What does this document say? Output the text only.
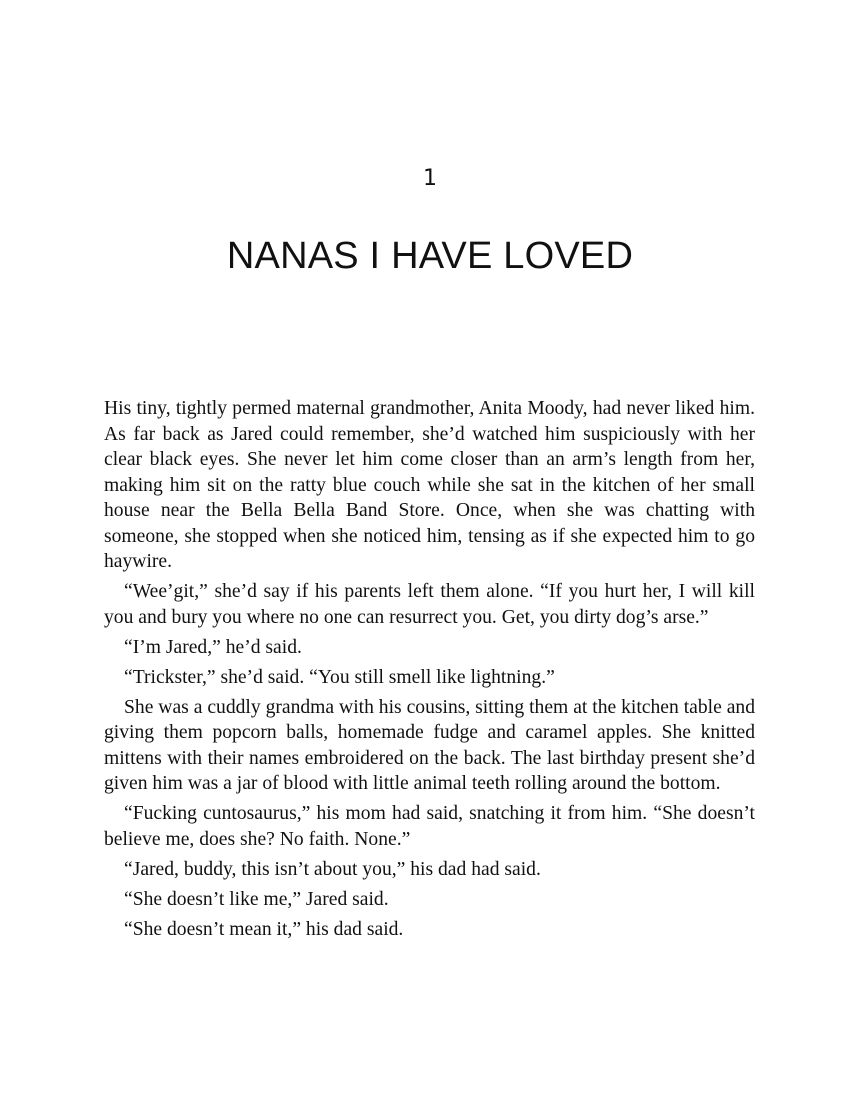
1
NANAS I HAVE LOVED

His tiny, tightly permed maternal grandmother, Anita Moody, had never liked him. As far back as Jared could remember, she’d watched him suspiciously with her clear black eyes. She never let him come closer than an arm’s length from her, making him sit on the ratty blue couch while she sat in the kitchen of her small house near the Bella Bella Band Store. Once, when she was chatting with someone, she stopped when she noticed him, tensing as if she expected him to go haywire.

“Wee’git,” she’d say if his parents left them alone. “If you hurt her, I will kill you and bury you where no one can resurrect you. Get, you dirty dog’s arse.”

“I’m Jared,” he’d said.

“Trickster,” she’d said. “You still smell like lightning.”

She was a cuddly grandma with his cousins, sitting them at the kitchen table and giving them popcorn balls, homemade fudge and caramel apples. She knitted mittens with their names embroidered on the back. The last birthday present she’d given him was a jar of blood with little animal teeth rolling around the bottom.

“Fucking cuntosaurus,” his mom had said, snatching it from him. “She doesn’t believe me, does she? No faith. None.”

“Jared, buddy, this isn’t about you,” his dad had said.

“She doesn’t like me,” Jared said.

“She doesn’t mean it,” his dad said.
